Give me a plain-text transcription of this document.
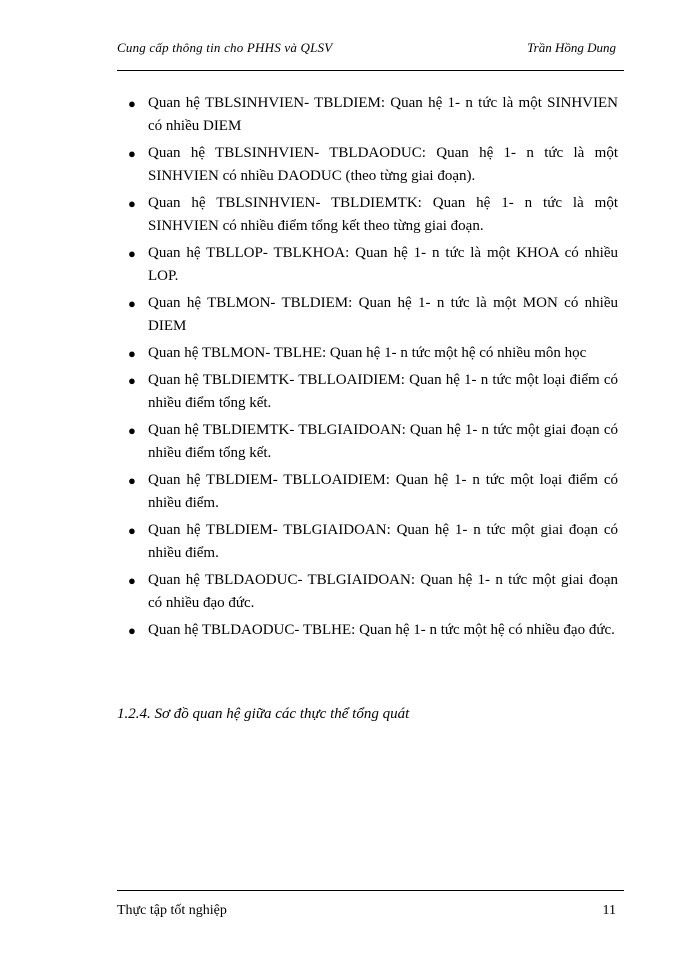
Cung cấp thông tin cho PHHS và QLSV	Trần Hồng Dung
● Quan hệ TBLSINHVIEN- TBLDIEM: Quan hệ 1- n tức là một SINHVIEN có nhiều DIEM
● Quan hệ TBLSINHVIEN- TBLDAODUC: Quan hệ 1- n tức là một SINHVIEN có nhiều DAODUC (theo từng giai đoạn).
● Quan hệ TBLSINHVIEN- TBLDIEMTK: Quan hệ 1- n tức là một SINHVIEN có nhiều điểm tổng kết theo từng giai đoạn.
● Quan hệ TBLLOP- TBLKHOA: Quan hệ 1- n tức là một KHOA có nhiều LOP.
● Quan hệ TBLMON- TBLDIEM: Quan hệ 1- n tức là một MON có nhiều DIEM
● Quan hệ TBLMON- TBLHE: Quan hệ 1- n tức một hệ có nhiều môn học
● Quan hệ TBLDIEMTK- TBLLOAIDIEM: Quan hệ 1- n tức một loại điểm có nhiều điểm tổng kết.
● Quan hệ TBLDIEMTK- TBLGIAIDOAN: Quan hệ 1- n tức một giai đoạn có nhiều điểm tổng kết.
● Quan hệ TBLDIEM- TBLLOAIDIEM: Quan hệ 1- n tức một loại điểm có nhiều điểm.
● Quan hệ TBLDIEM- TBLGIAIDOAN: Quan hệ 1- n tức một giai đoạn có nhiều điểm.
● Quan hệ TBLDAODUC- TBLGIAIDOAN: Quan hệ 1- n tức một giai đoạn có nhiều đạo đức.
● Quan hệ TBLDAODUC- TBLHE: Quan hệ 1- n tức một hệ có nhiều đạo đức.
1.2.4. Sơ đồ quan hệ giữa các thực thể tổng quát
Thực tập tốt nghiệp	11
